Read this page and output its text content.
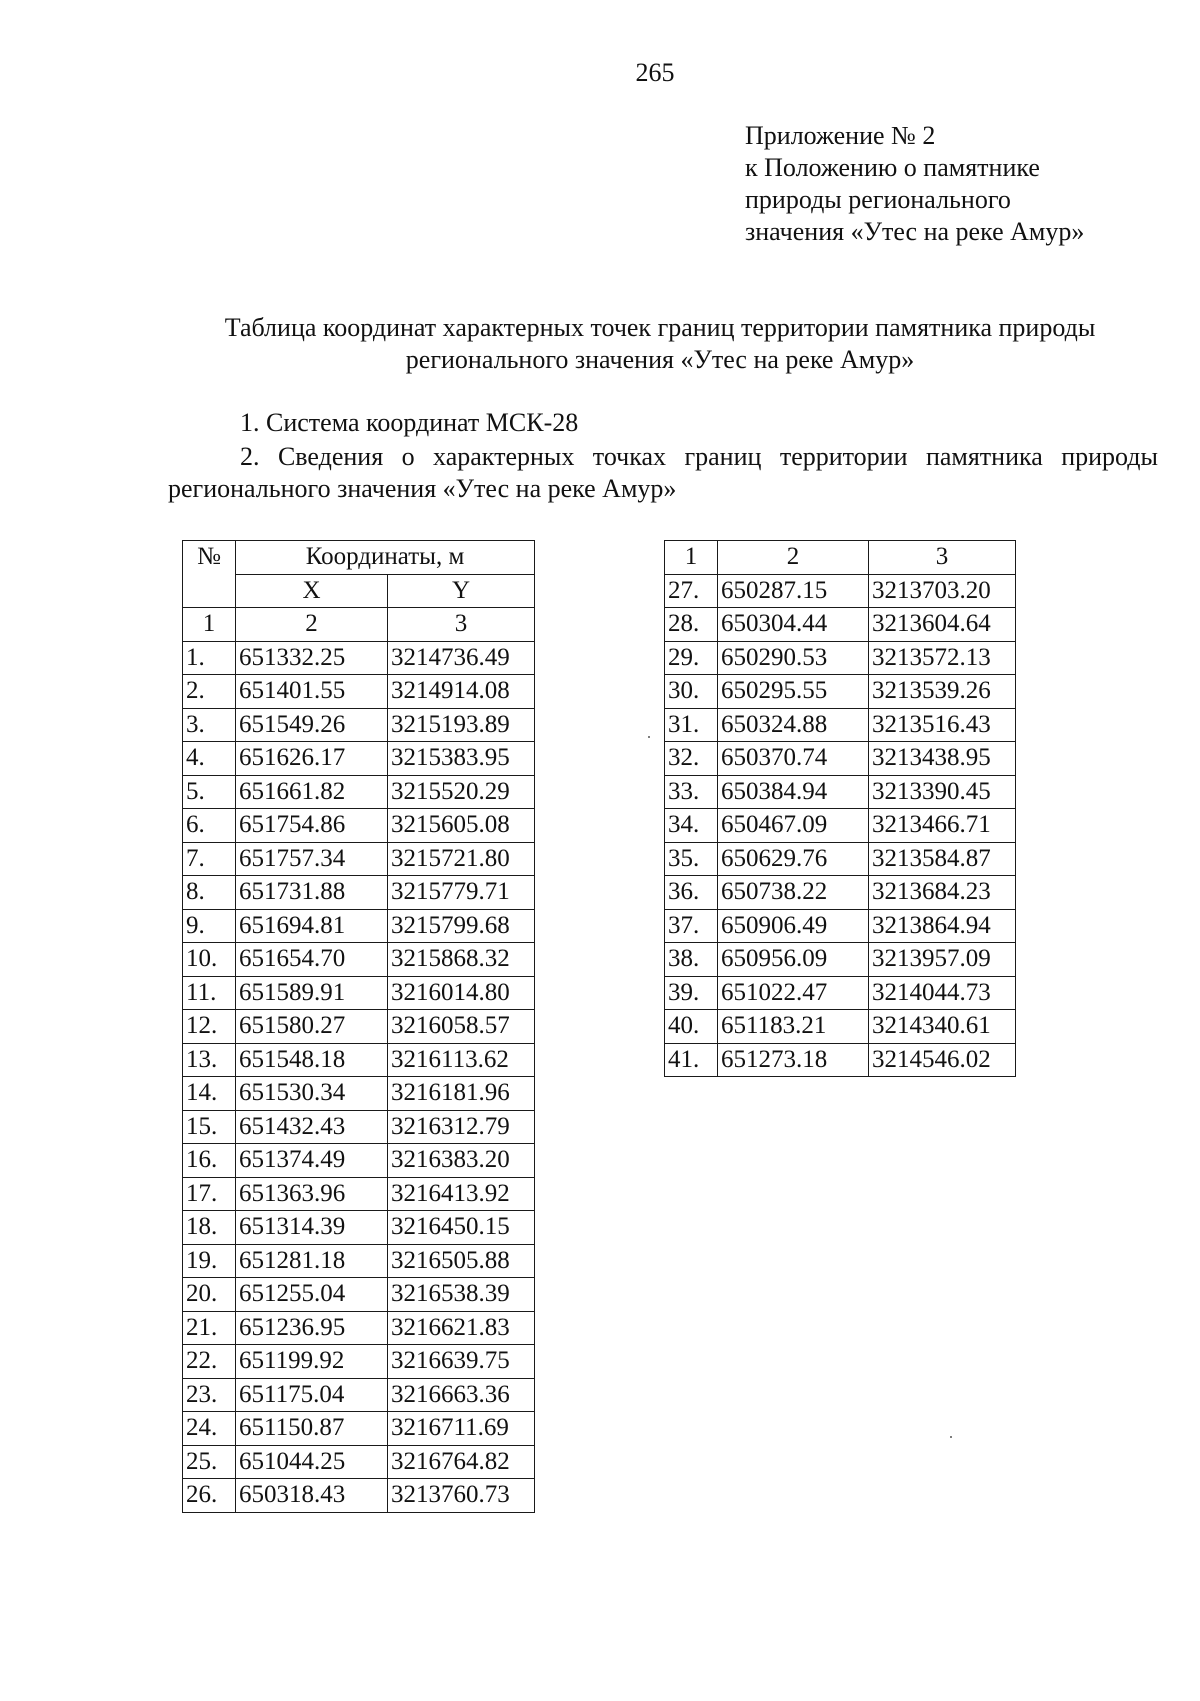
265
Приложение № 2
к Положению о памятнике
природы регионального
значения «Утес на реке Амур»
Таблица координат характерных точек границ территории памятника природы
регионального значения «Утес на реке Амур»
1. Система координат МСК-28
2. Сведения о характерных точках границ территории памятника природы регионального значения «Утес на реке Амур»
№	Координаты, м	
	X	Y
1	2	3
1.	651332.25	3214736.49
2.	651401.55	3214914.08
3.	651549.26	3215193.89
4.	651626.17	3215383.95
5.	651661.82	3215520.29
6.	651754.86	3215605.08
7.	651757.34	3215721.80
8.	651731.88	3215779.71
9.	651694.81	3215799.68
10.	651654.70	3215868.32
11.	651589.91	3216014.80
12.	651580.27	3216058.57
13.	651548.18	3216113.62
14.	651530.34	3216181.96
15.	651432.43	3216312.79
16.	651374.49	3216383.20
17.	651363.96	3216413.92
18.	651314.39	3216450.15
19.	651281.18	3216505.88
20.	651255.04	3216538.39
21.	651236.95	3216621.83
22.	651199.92	3216639.75
23.	651175.04	3216663.36
24.	651150.87	3216711.69
25.	651044.25	3216764.82
26.	650318.43	3213760.73
1	2	3
27.	650287.15	3213703.20
28.	650304.44	3213604.64
29.	650290.53	3213572.13
30.	650295.55	3213539.26
31.	650324.88	3213516.43
32.	650370.74	3213438.95
33.	650384.94	3213390.45
34.	650467.09	3213466.71
35.	650629.76	3213584.87
36.	650738.22	3213684.23
37.	650906.49	3213864.94
38.	650956.09	3213957.09
39.	651022.47	3214044.73
40.	651183.21	3214340.61
41.	651273.18	3214546.02
